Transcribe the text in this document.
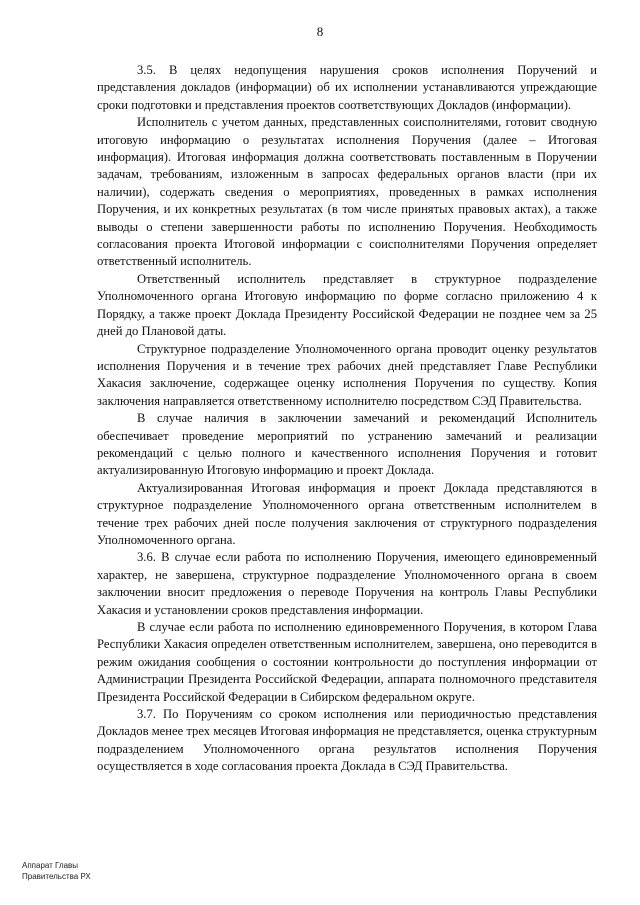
8

3.5. В целях недопущения нарушения сроков исполнения Поручений и представления докладов (информации) об их исполнении устанавливаются упреждающие сроки подготовки и представления проектов соответствующих Докладов (информации).

Исполнитель с учетом данных, представленных соисполнителями, готовит сводную итоговую информацию о результатах исполнения Поручения (далее – Итоговая информация). Итоговая информация должна соответствовать поставленным в Поручении задачам, требованиям, изложенным в запросах федеральных органов власти (при их наличии), содержать сведения о мероприятиях, проведенных в рамках исполнения Поручения, и их конкретных результатах (в том числе принятых правовых актах), а также выводы о степени завершенности работы по исполнению Поручения. Необходимость согласования проекта Итоговой информации с соисполнителями Поручения определяет ответственный исполнитель.

Ответственный исполнитель представляет в структурное подразделение Уполномоченного органа Итоговую информацию по форме согласно приложению 4 к Порядку, а также проект Доклада Президенту Российской Федерации не позднее чем за 25 дней до Плановой даты.

Структурное подразделение Уполномоченного органа проводит оценку результатов исполнения Поручения и в течение трех рабочих дней представляет Главе Республики Хакасия заключение, содержащее оценку исполнения Поручения по существу. Копия заключения направляется ответственному исполнителю посредством СЭД Правительства.

В случае наличия в заключении замечаний и рекомендаций Исполнитель обеспечивает проведение мероприятий по устранению замечаний и реализации рекомендаций с целью полного и качественного исполнения Поручения и готовит актуализированную Итоговую информацию и проект Доклада.

Актуализированная Итоговая информация и проект Доклада представляются в структурное подразделение Уполномоченного органа ответственным исполнителем в течение трех рабочих дней после получения заключения от структурного подразделения Уполномоченного органа.

3.6. В случае если работа по исполнению Поручения, имеющего единовременный характер, не завершена, структурное подразделение Уполномоченного органа в своем заключении вносит предложения о переводе Поручения на контроль Главы Республики Хакасия и установлении сроков представления информации.

В случае если работа по исполнению единовременного Поручения, в котором Глава Республики Хакасия определен ответственным исполнителем, завершена, оно переводится в режим ожидания сообщения о состоянии контрольности до поступления информации от Администрации Президента Российской Федерации, аппарата полномочного представителя Президента Российской Федерации в Сибирском федеральном округе.

3.7. По Поручениям со сроком исполнения или периодичностью представления Докладов менее трех месяцев Итоговая информация не представляется, оценка структурным подразделением Уполномоченного органа результатов исполнения Поручения осуществляется в ходе согласования проекта Доклада в СЭД Правительства.

Аппарат Главы
Правительства РХ
